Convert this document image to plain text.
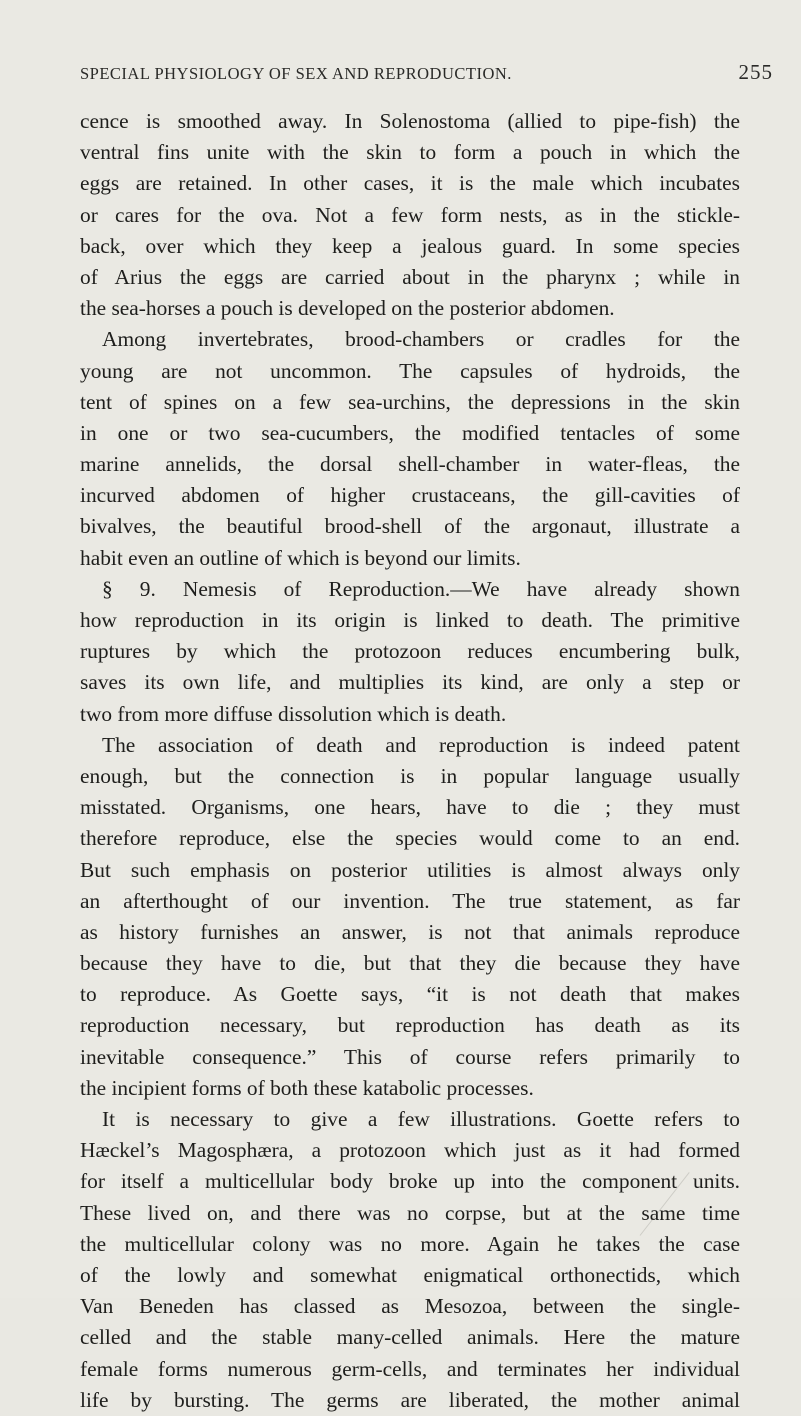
SPECIAL PHYSIOLOGY OF SEX AND REPRODUCTION.	255
cence is smoothed away. In Solenostoma (allied to pipe-fish) the
ventral fins unite with the skin to form a pouch in which the
eggs are retained. In other cases, it is the male which incubates
or cares for the ova. Not a few form nests, as in the stickle-
back, over which they keep a jealous guard. In some species
of Arius the eggs are carried about in the pharynx ; while in
the sea-horses a pouch is developed on the posterior abdomen.
Among invertebrates, brood-chambers or cradles for the
young are not uncommon. The capsules of hydroids, the
tent of spines on a few sea-urchins, the depressions in the skin
in one or two sea-cucumbers, the modified tentacles of some
marine annelids, the dorsal shell-chamber in water-fleas, the
incurved abdomen of higher crustaceans, the gill-cavities of
bivalves, the beautiful brood-shell of the argonaut, illustrate a
habit even an outline of which is beyond our limits.
§ 9. Nemesis of Reproduction.—We have already shown
how reproduction in its origin is linked to death. The primitive
ruptures by which the protozoon reduces encumbering bulk,
saves its own life, and multiplies its kind, are only a step or
two from more diffuse dissolution which is death.
The association of death and reproduction is indeed patent
enough, but the connection is in popular language usually
misstated. Organisms, one hears, have to die ; they must
therefore reproduce, else the species would come to an end.
But such emphasis on posterior utilities is almost always only
an afterthought of our invention. The true statement, as far
as history furnishes an answer, is not that animals reproduce
because they have to die, but that they die because they have
to reproduce. As Goette says, “it is not death that makes
reproduction necessary, but reproduction has death as its
inevitable consequence.” This of course refers primarily to
the incipient forms of both these katabolic processes.
It is necessary to give a few illustrations. Goette refers to
Hæckel’s Magosphæra, a protozoon which just as it had formed
for itself a multicellular body broke up into the component units.
These lived on, and there was no corpse, but at the same time
the multicellular colony was no more. Again he takes the case
of the lowly and somewhat enigmatical orthonectids, which
Van Beneden has classed as Mesozoa, between the single-
celled and the stable many-celled animals. Here the mature
female forms numerous germ-cells, and terminates her individual
life by bursting. The germs are liberated, the mother animal
